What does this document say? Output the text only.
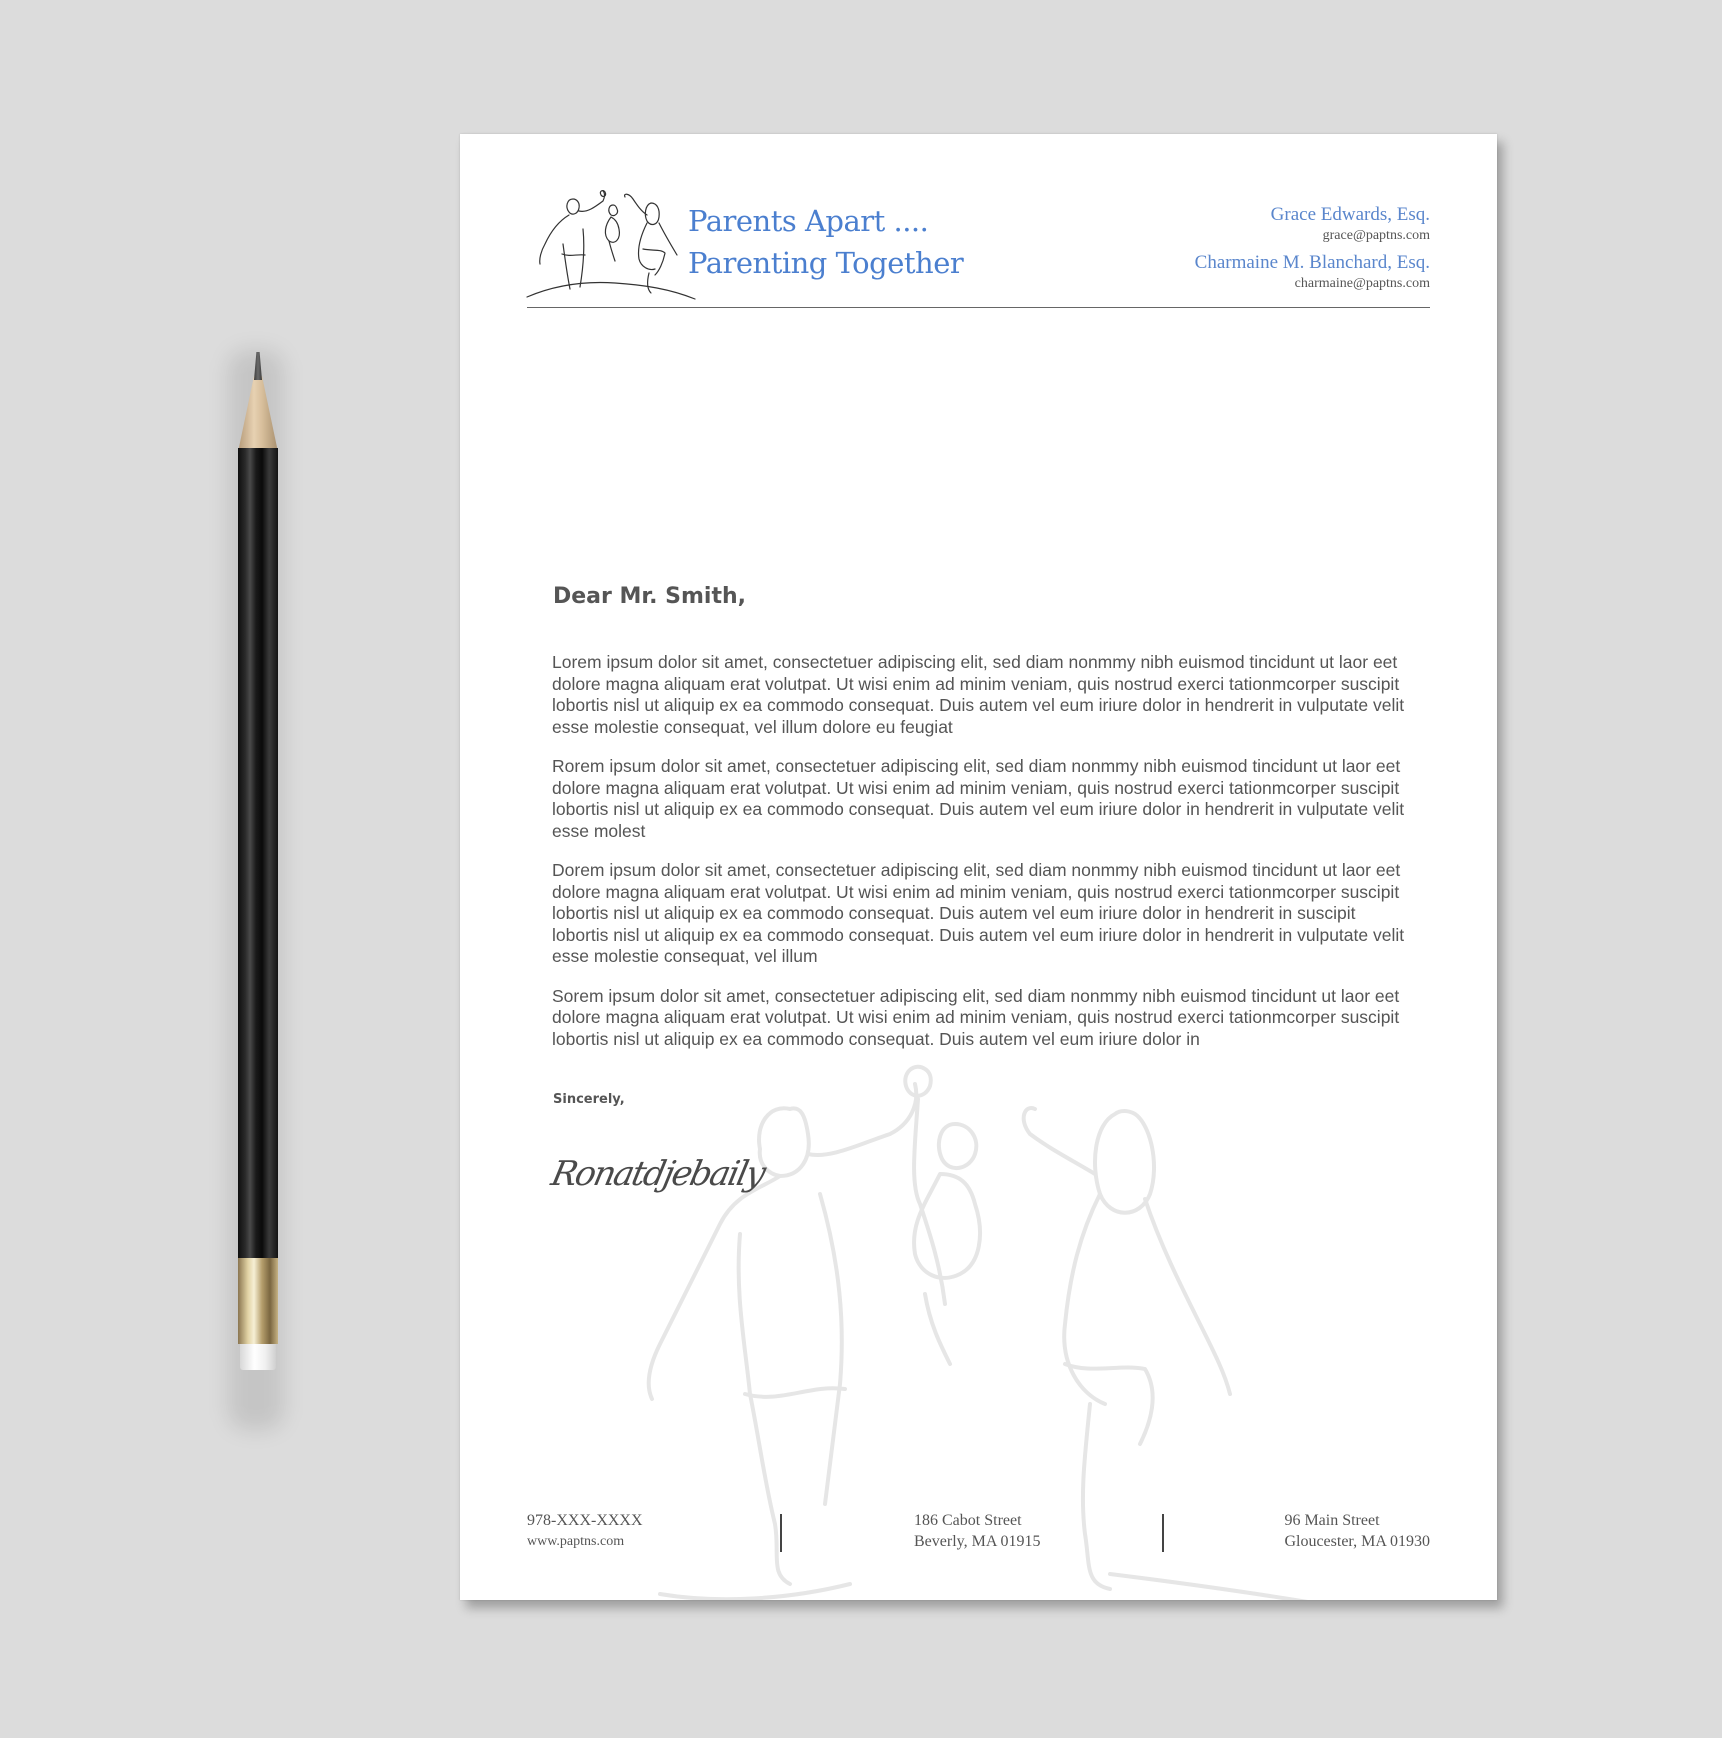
Parents Apart ....
Parenting Together
Grace Edwards, Esq.
grace@paptns.com
Charmaine M. Blanchard, Esq.
charmaine@paptns.com
Dear Mr. Smith,

Lorem ipsum dolor sit amet, consectetuer adipiscing elit, sed diam nonmmy nibh euismod tincidunt ut laor eet dolore magna aliquam erat volutpat. Ut wisi enim ad minim veniam, quis nostrud exerci tationmcorper suscipit lobortis nisl ut aliquip ex ea commodo consequat. Duis autem vel eum iriure dolor in hendrerit in vulputate velit esse molestie consequat, vel illum dolore eu feugiat

Rorem ipsum dolor sit amet, consectetuer adipiscing elit, sed diam nonmmy nibh euismod tincidunt ut laor eet dolore magna aliquam erat volutpat. Ut wisi enim ad minim veniam, quis nostrud exerci tationmcorper suscipit lobortis nisl ut aliquip ex ea commodo consequat. Duis autem vel eum iriure dolor in hendrerit in vulputate velit esse molest

Dorem ipsum dolor sit amet, consectetuer adipiscing elit, sed diam nonmmy nibh euismod tincidunt ut laor eet dolore magna aliquam erat volutpat. Ut wisi enim ad minim veniam, quis nostrud exerci tationmcorper suscipit lobortis nisl ut aliquip ex ea commodo consequat. Duis autem vel eum iriure dolor in hendrerit in suscipit lobortis nisl ut aliquip ex ea commodo consequat. Duis autem vel eum iriure dolor in hendrerit in vulputate velit esse molestie consequat, vel illum

Sorem ipsum dolor sit amet, consectetuer adipiscing elit, sed diam nonmmy nibh euismod tincidunt ut laor eet dolore magna aliquam erat volutpat. Ut wisi enim ad minim veniam, quis nostrud exerci tationmcorper suscipit lobortis nisl ut aliquip ex ea commodo consequat. Duis autem vel eum iriure dolor in

Sincerely,
Ronatdjebaily
978-XXX-XXXX
www.paptns.com
186 Cabot Street
Beverly, MA 01915
96 Main Street
Gloucester, MA 01930
